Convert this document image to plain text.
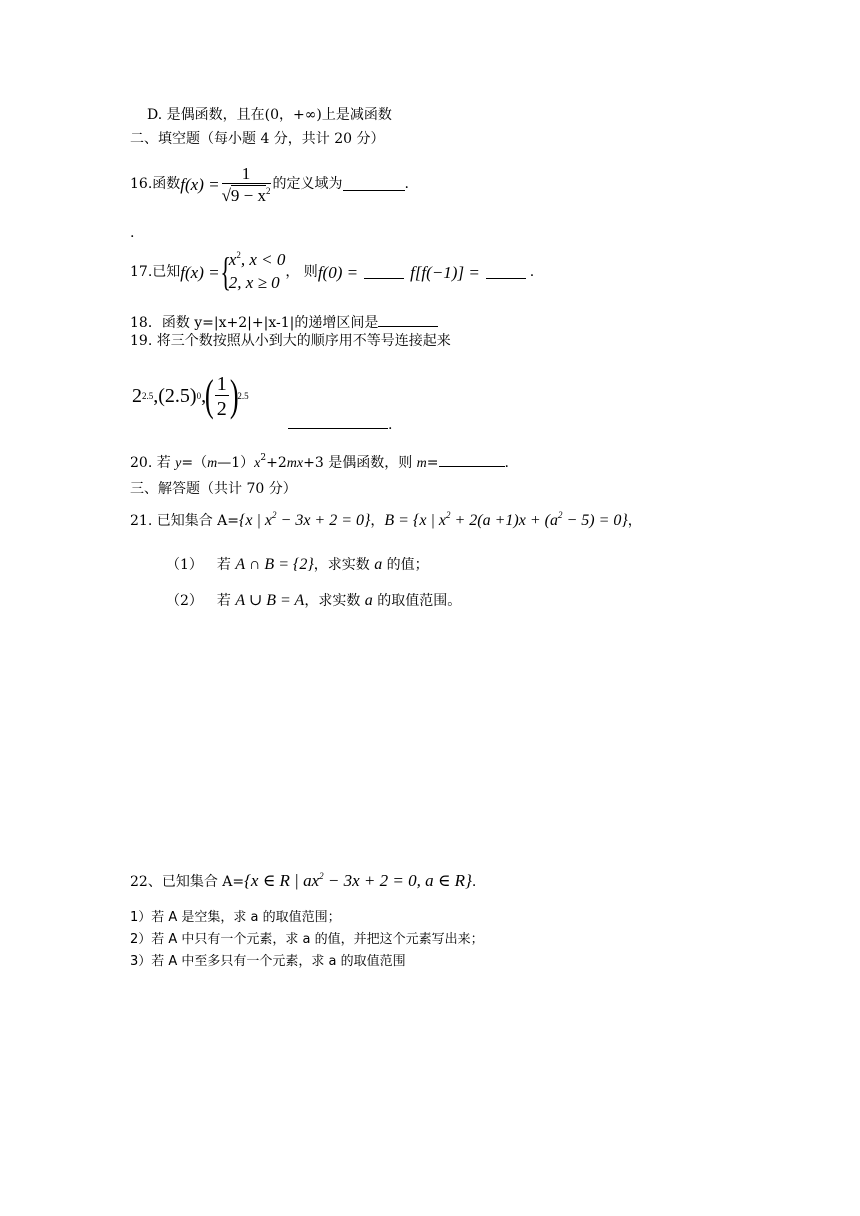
D. 是偶函数，且在(0，+∞)上是减函数
二、填空题（每小题 4 分，共计 20 分）
16.函数 $f(x) = \frac{1}{√9 - x^2}$ 的定义域为	.
.
17.已知 f(x) = {
$x^2$, x < 0
2, x ≥ 0
， 则 f(0) =	f[f(−1)] =	.
18．函数 y=|x+2|+|x-1|的递增区间是
19. 将三个数按照从小到大的顺序用不等号连接起来
2 2.5 , (2.5) 0 ,
( $\frac{1}{2}$ )
2.5
.
20. 若 $y=(m—1)x^2+2mx+3$ 是偶函数，则 m=	.
三、解答题（共计 70 分）
21. 已知集合 A={x | $x^2 - 3x + 2 = 0$}，B = {x | $x^2 + 2(a +1)x + (a^2 - 5) = 0$}，
（1） 若 A ∩ B = {2}，求实数 a 的值；
（2） 若 A ∪ B = A，求实数 a 的取值范围。
22、已知集合 A={x ∈ R | $ax^2 - 3x + 2 = 0$, a ∈ R}.
1）若 A 是空集，求 a 的取值范围；
2）若 A 中只有一个元素，求 a 的值，并把这个元素写出来；
3）若 A 中至多只有一个元素，求 a 的取值范围
